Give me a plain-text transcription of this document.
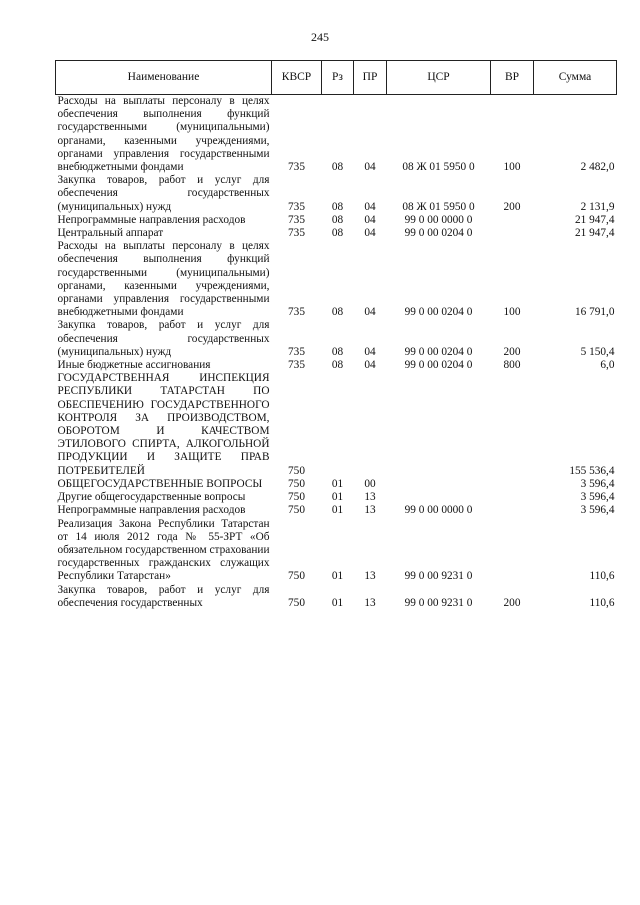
245
Наименование	КВСР	Рз	ПР	ЦСР	ВР	Сумма
Расходы на выплаты персоналу в целях обеспечения выполнения функций государственными (муниципальными) органами, казенными учреждениями, органами управления государственными внебюджетными фондами	735	08	04	08 Ж 01 5950 0	100	2 482,0
Закупка товаров, работ и услуг для обеспечения государственных (муниципальных) нужд	735	08	04	08 Ж 01 5950 0	200	2 131,9
Непрограммные направления расходов	735	08	04	99 0 00 0000 0		21 947,4
Центральный аппарат	735	08	04	99 0 00 0204 0		21 947,4
Расходы на выплаты персоналу в целях обеспечения выполнения функций государственными (муниципальными) органами, казенными учреждениями, органами управления государственными внебюджетными фондами	735	08	04	99 0 00 0204 0	100	16 791,0
Закупка товаров, работ и услуг для обеспечения государственных (муниципальных) нужд	735	08	04	99 0 00 0204 0	200	5 150,4
Иные бюджетные ассигнования	735	08	04	99 0 00 0204 0	800	6,0
ГОСУДАРСТВЕННАЯ ИНСПЕКЦИЯ РЕСПУБЛИКИ ТАТАРСТАН ПО ОБЕСПЕЧЕНИЮ ГОСУДАРСТВЕННОГО КОНТРОЛЯ ЗА ПРОИЗВОДСТВОМ, ОБОРОТОМ И КАЧЕСТВОМ ЭТИЛОВОГО СПИРТА, АЛКОГОЛЬНОЙ ПРОДУКЦИИ И ЗАЩИТЕ ПРАВ ПОТРЕБИТЕЛЕЙ	750					155 536,4
ОБЩЕГОСУДАРСТВЕННЫЕ ВОПРОСЫ	750	01	00			3 596,4
Другие общегосударственные вопросы	750	01	13			3 596,4
Непрограммные направления расходов	750	01	13	99 0 00 0000 0		3 596,4
Реализация Закона Республики Татарстан от 14 июля 2012 года № 55-ЗРТ «Об обязательном государственном страховании государственных гражданских служащих Республики Татарстан»	750	01	13	99 0 00 9231 0		110,6
Закупка товаров, работ и услуг для обеспечения государственных	750	01	13	99 0 00 9231 0	200	110,6
